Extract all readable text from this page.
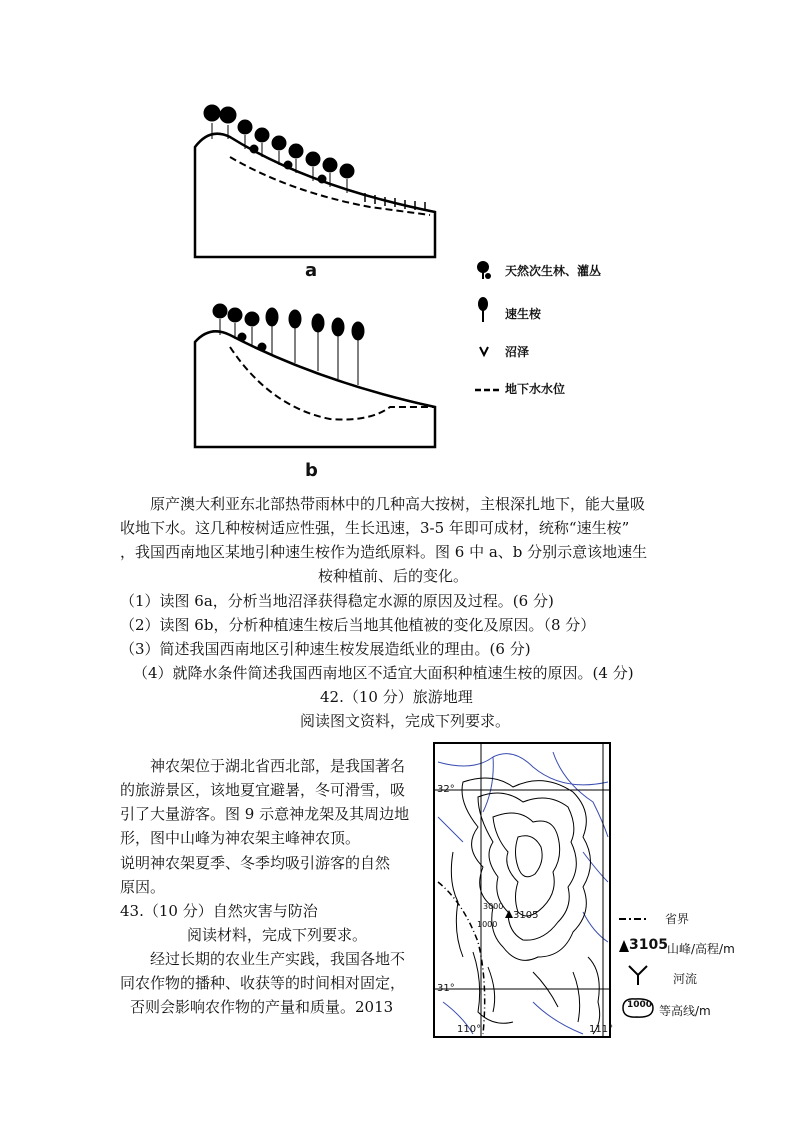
a
b
天然次生林、灌丛
速生桉
沼泽
地下水水位
原产澳大利亚东北部热带雨林中的几种高大按树，主根深扎地下，能大量吸
收地下水。这几种桉树适应性强，生长迅速，3-5 年即可成材，统称“速生桉”
，我国西南地区某地引种速生桉作为造纸原料。图 6 中 a、b 分别示意该地速生
桉种植前、后的变化。
（1）读图 6a，分析当地沼泽获得稳定水源的原因及过程。(6 分)
（2）读图 6b，分析种植速生桉后当地其他植被的变化及原因。（8 分）
（3）简述我国西南地区引种速生桉发展造纸业的理由。(6 分)
（4）就降水条件简述我国西南地区不适宜大面积种植速生桉的原因。(4 分)
42.（10 分）旅游地理
阅读图文资料，完成下列要求。
神农架位于湖北省西北部，是我国著名
的旅游景区，该地夏宜避暑，冬可滑雪，吸
引了大量游客。图 9 示意神龙架及其周边地
形，图中山峰为神农架主峰神农顶。
说明神农架夏季、冬季均吸引游客的自然
原因。
43.（10 分）自然灾害与防治
阅读材料，完成下列要求。
经过长期的农业生产实践，我国各地不
同农作物的播种、收获等的时间相对固定，
否则会影响农作物的产量和质量。2013
32°
31°
110°	111°
3105
3000
1000	省界
3105 山峰/高程/m
河流
1000 等高线/m
